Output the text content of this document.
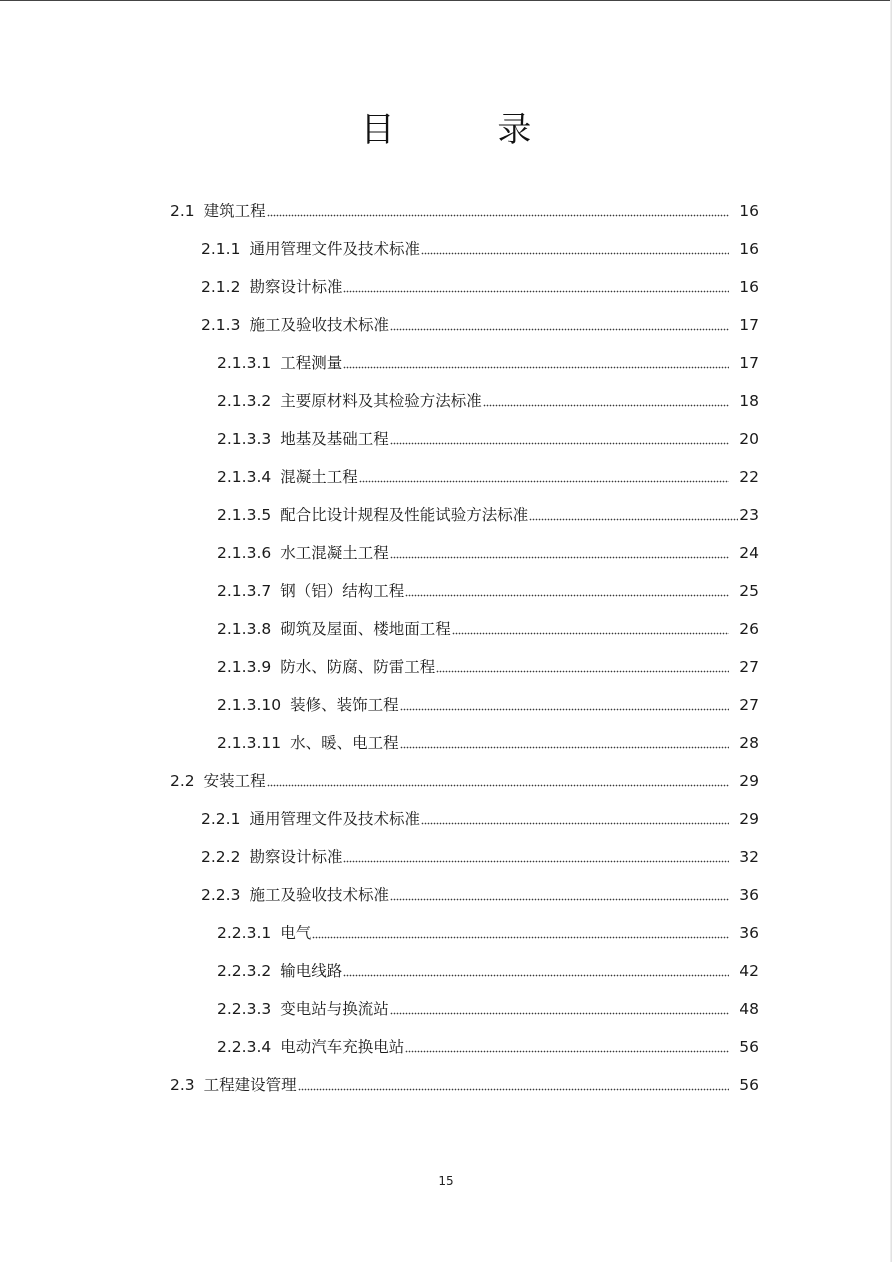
目 录
2.1 建筑工程	16
2.1.1 通用管理文件及技术标准	16
2.1.2 勘察设计标准	16
2.1.3 施工及验收技术标准	17
2.1.3.1 工程测量	17
2.1.3.2 主要原材料及其检验方法标准	18
2.1.3.3 地基及基础工程	20
2.1.3.4 混凝土工程	22
2.1.3.5 配合比设计规程及性能试验方法标准	23
2.1.3.6 水工混凝土工程	24
2.1.3.7 钢（铝）结构工程	25
2.1.3.8 砌筑及屋面、楼地面工程	26
2.1.3.9 防水、防腐、防雷工程	27
2.1.3.10 装修、装饰工程	27
2.1.3.11 水、暖、电工程	28
2.2 安装工程	29
2.2.1 通用管理文件及技术标准	29
2.2.2 勘察设计标准	32
2.2.3 施工及验收技术标准	36
2.2.3.1 电气	36
2.2.3.2 输电线路	42
2.2.3.3 变电站与换流站	48
2.2.3.4 电动汽车充换电站	56
2.3 工程建设管理	56
15
